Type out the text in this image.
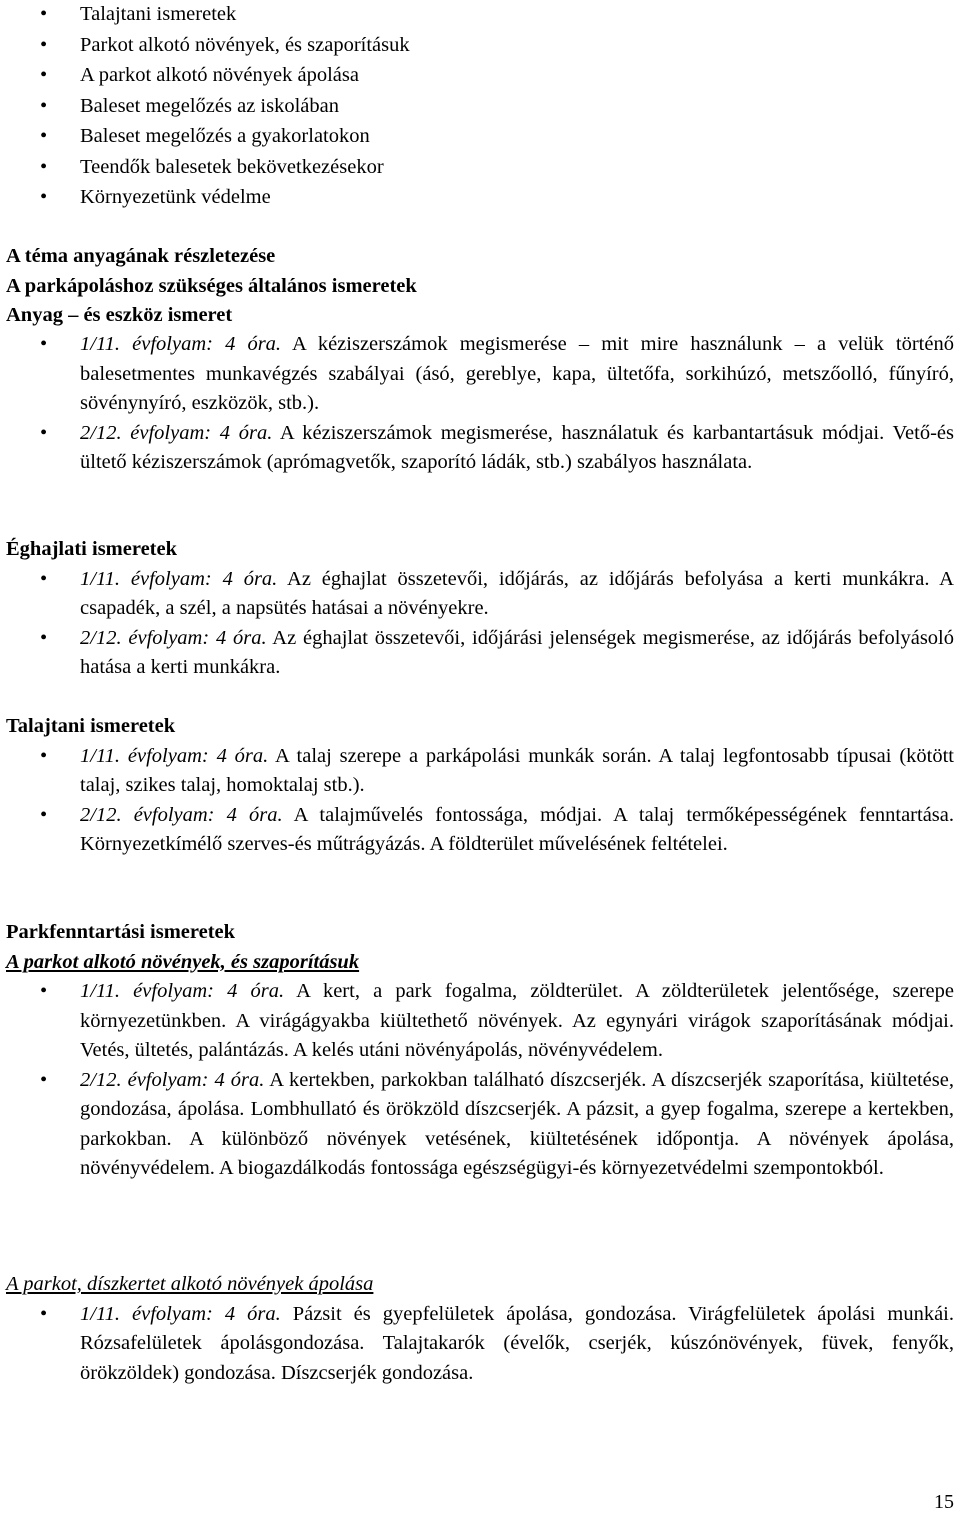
• Talajtani ismeretek
• Parkot alkotó növények, és szaporításuk
• A parkot alkotó növények ápolása
• Baleset megelőzés az iskolában
• Baleset megelőzés a gyakorlatokon
• Teendők balesetek bekövetkezésekor
• Környezetünk védelme
A téma anyagának részletezése
A parkápoláshoz szükséges általános ismeretek
Anyag – és eszköz ismeret
• 1/11. évfolyam: 4 óra. A kéziszerszámok megismerése – mit mire használunk – a velük történő balesetmentes munkavégzés szabályai (ásó, gereblye, kapa, ültetőfa, sorkihúzó, metszőolló, fűnyíró, sövénynyíró, eszközök, stb.).
• 2/12. évfolyam: 4 óra. A kéziszerszámok megismerése, használatuk és karbantartásuk módjai. Vető-és ültető kéziszerszámok (aprómagvetők, szaporító ládák, stb.) szabályos használata.
Éghajlati ismeretek
• 1/11. évfolyam: 4 óra. Az éghajlat összetevői, időjárás, az időjárás befolyása a kerti munkákra. A csapadék, a szél, a napsütés hatásai a növényekre.
• 2/12. évfolyam: 4 óra. Az éghajlat összetevői, időjárási jelenségek megismerése, az időjárás befolyásoló hatása a kerti munkákra.
Talajtani ismeretek
• 1/11. évfolyam: 4 óra. A talaj szerepe a parkápolási munkák során. A talaj legfontosabb típusai (kötött talaj, szikes talaj, homoktalaj stb.).
• 2/12. évfolyam: 4 óra. A talajművelés fontossága, módjai. A talaj termőképességének fenntartása. Környezetkímélő szerves-és műtrágyázás. A földterület művelésének feltételei.
Parkfenntartási ismeretek
A parkot alkotó növények, és szaporításuk
• 1/11. évfolyam: 4 óra. A kert, a park fogalma, zöldterület. A zöldterületek jelentősége, szerepe környezetünkben. A virágágyakba kiültethető növények. Az egynyári virágok szaporításának módjai. Vetés, ültetés, palántázás. A kelés utáni növényápolás, növényvédelem.
• 2/12. évfolyam: 4 óra. A kertekben, parkokban található díszcserjék. A díszcserjék szaporítása, kiültetése, gondozása, ápolása. Lombhullató és örökzöld díszcserjék. A pázsit, a gyep fogalma, szerepe a kertekben, parkokban. A különböző növények vetésének, kiültetésének időpontja. A növények ápolása, növényvédelem. A biogazdálkodás fontossága egészségügyi-és környezetvédelmi szempontokból.
A parkot, díszkertet alkotó növények ápolása
• 1/11. évfolyam: 4 óra. Pázsit és gyepfelületek ápolása, gondozása. Virágfelületek ápolási munkái. Rózsafelületek ápolásgondozása. Talajtakarók (évelők, cserjék, kúszónövények, füvek, fenyők, örökzöldek) gondozása. Díszcserjék gondozása.
15
